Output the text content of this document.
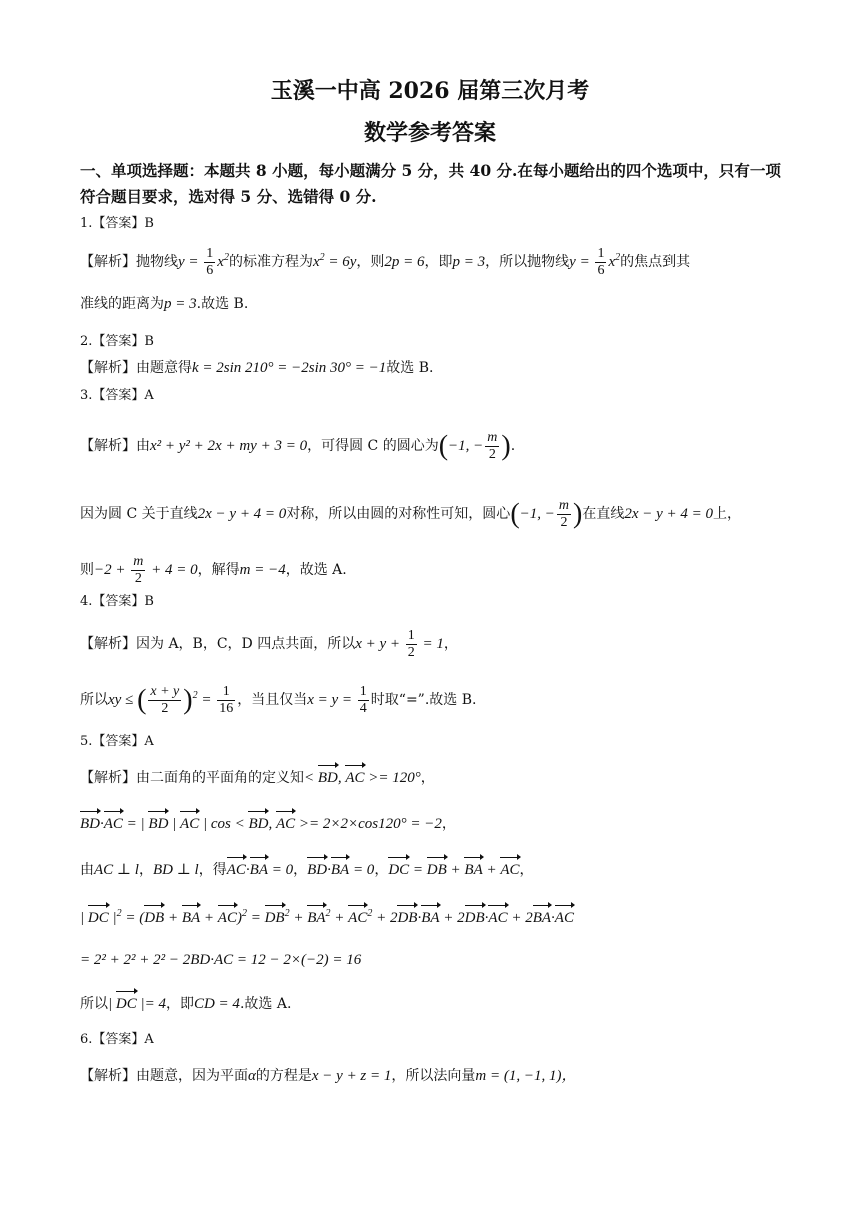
玉溪一中高 2026 届第三次月考
数学参考答案
一、单项选择题：本题共 8 小题，每小题满分 5 分，共 40 分.在每小题给出的四个选项中，只有一项符合题目要求，选对得 5 分、选错得 0 分.
1.【答案】B
【解析】抛物线$y = \frac{1}{6} x^2$的标准方程为$x^2 = 6y$，则2p = 6，即p = 3，所以抛物线$y = \frac{1}{6} x^2$的焦点到其
准线的距离为p = 3.故选 B.
2.【答案】B
【解析】由题意得k = 2sin 210° = −2sin 30° = −1故选 B.
3.【答案】A
【解析】由x² + y² + 2x + my + 3 = 0，可得圆 C 的圆心为(−1, − $\frac{m}{2}$ ).
因为圆 C 关于直线2x − y + 4 = 0对称，所以由圆的对称性可知，圆心(−1, − $\frac{m}{2}$ )在直线2x − y + 4 = 0上，
则$-2 + \frac{m}{2} + 4 = 0$，解得m = −4，故选 A.
4.【答案】B
【解析】因为 A，B，C，D 四点共面，所以$x + y + \frac{1}{2} = 1$，
所以xy ≤ ( $\frac{x + y}{2} )^2 = \frac{1}{16}$ ，当且仅当$x = y = \frac{1}{4}$ 时取“=”.故选 B.
5.【答案】A
【解析】由二面角的平面角的定义知< BD, AC >= 120°，
BD·AC = | BD | AC | cos < BD, AC >= 2×2×cos120° = −2，
由AC ⊥ l，BD ⊥ l，得AC·BA = 0，BD·BA = 0，DC = DB + BA + AC，
| DC $|^2 = (DB$ + BA + $AC)^2 = DB^2 + BA^2 + AC^2 + 2DB\cdot BA + 2DB\cdot AC + 2BA\cdot AC$
= 2² + 2² + 2² − 2BD·AC = 12 − 2×(−2) = 16
所以| DC |= 4，即CD = 4.故选 A.
6.【答案】A
【解析】由题意，因为平面α的方程是x − y + z = 1，所以法向量m = (1, −1, 1)，
